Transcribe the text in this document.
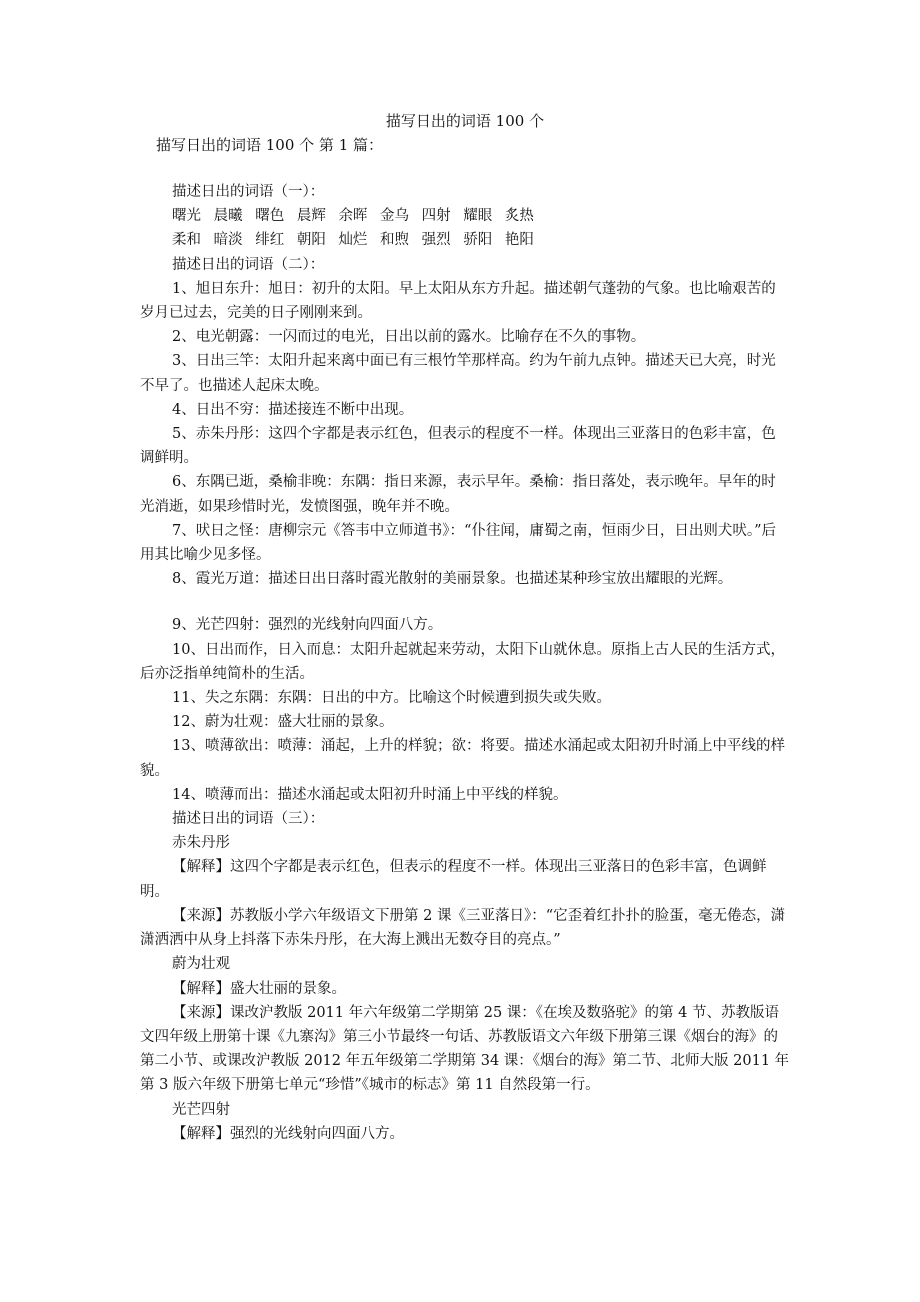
描写日出的词语 100 个

描写日出的词语 100 个 第 1 篇：

描述日出的词语（一）：

曙光 晨曦 曙色 晨辉 余晖 金乌 四射 耀眼 炙热

柔和 暗淡 绯红 朝阳 灿烂 和煦 强烈 骄阳 艳阳

描述日出的词语（二）：

1、旭日东升：旭日：初升的太阳。早上太阳从东方升起。描述朝气蓬勃的气象。也比喻艰苦的岁月已过去，完美的日子刚刚来到。

2、电光朝露：一闪而过的电光，日出以前的露水。比喻存在不久的事物。

3、日出三竿：太阳升起来离中面已有三根竹竿那样高。约为午前九点钟。描述天已大亮，时光不早了。也描述人起床太晚。

4、日出不穷：描述接连不断中出现。

5、赤朱丹彤：这四个字都是表示红色，但表示的程度不一样。体现出三亚落日的色彩丰富，色调鲜明。

6、东隅已逝，桑榆非晚：东隅：指日来源，表示早年。桑榆：指日落处，表示晚年。早年的时光消逝，如果珍惜时光，发愤图强，晚年并不晚。

7、吠日之怪：唐柳宗元《答韦中立师道书》：“仆往闻，庸蜀之南，恒雨少日，日出则犬吠。”后用其比喻少见多怪。

8、霞光万道：描述日出日落时霞光散射的美丽景象。也描述某种珍宝放出耀眼的光辉。

9、光芒四射：强烈的光线射向四面八方。

10、日出而作，日入而息：太阳升起就起来劳动，太阳下山就休息。原指上古人民的生活方式，后亦泛指单纯简朴的生活。

11、失之东隅：东隅：日出的中方。比喻这个时候遭到损失或失败。

12、蔚为壮观：盛大壮丽的景象。

13、喷薄欲出：喷薄：涌起，上升的样貌；欲：将要。描述水涌起或太阳初升时涌上中平线的样貌。

14、喷薄而出：描述水涌起或太阳初升时涌上中平线的样貌。

描述日出的词语（三）：

赤朱丹彤

【解释】这四个字都是表示红色，但表示的程度不一样。体现出三亚落日的色彩丰富，色调鲜明。

【来源】苏教版小学六年级语文下册第 2 课《三亚落日》：“它歪着红扑扑的脸蛋，毫无倦态，潇潇洒洒中从身上抖落下赤朱丹彤，在大海上溅出无数夺目的亮点。”

蔚为壮观

【解释】盛大壮丽的景象。

【来源】课改沪教版 2011 年六年级第二学期第 25 课：《在埃及数骆驼》的第 4 节、苏教版语文四年级上册第十课《九寨沟》第三小节最终一句话、苏教版语文六年级下册第三课《烟台的海》的第二小节、或课改沪教版 2012 年五年级第二学期第 34 课：《烟台的海》第二节、北师大版 2011 年第 3 版六年级下册第七单元“珍惜”《城市的标志》第 11 自然段第一行。

光芒四射

【解释】强烈的光线射向四面八方。
